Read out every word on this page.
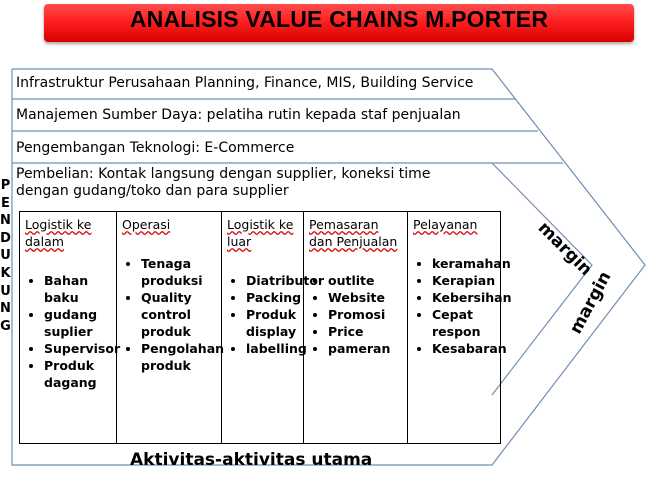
ANALISIS VALUE CHAINS M.PORTER
Infrastruktur Perusahaan Planning, Finance, MIS, Building Service
Manajemen Sumber Daya: pelatiha rutin kepada staf penjualan
Pengembangan Teknologi: E-Commerce
Pembelian: Kontak langsung dengan supplier, koneksi time dengan gudang/toko dan para supplier
P
E
N
D
U
K
U
N
G
Logistik ke dalam
• Bahan baku
• gudang suplier
• Supervisor
• Produk dagang

Operasi
• Tenaga produksi
• Quality control produk
• Pengolahan produk

Logistik ke luar
• Diatributor
• Packing
• Produk display
• labelling

Pemasaran dan Penjualan
• outlite
• Website
• Promosi
• Price
• pameran

Pelayanan
• keramahan
• Kerapian
• Kebersihan
• Cepat respon
• Kesabaran
Aktivitas-aktivitas utama
margin
margin
